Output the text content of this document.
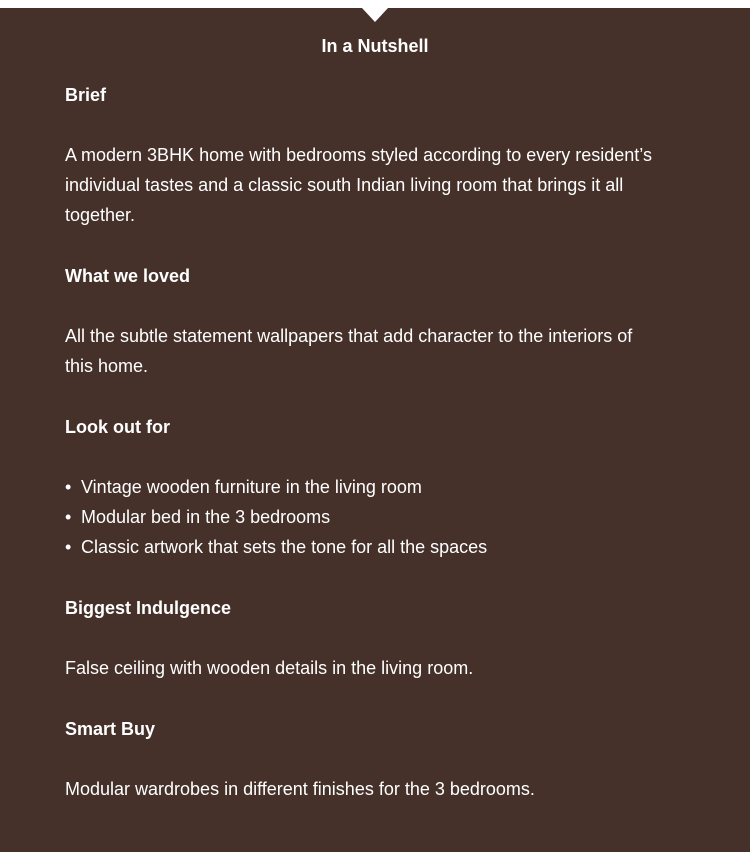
In a Nutshell

Brief

A modern 3BHK home with bedrooms styled according to every resident’s individual tastes and a classic south Indian living room that brings it all together.

What we loved

All the subtle statement wallpapers that add character to the interiors of this home.

Look out for

• Vintage wooden furniture in the living room
• Modular bed in the 3 bedrooms
• Classic artwork that sets the tone for all the spaces

Biggest Indulgence

False ceiling with wooden details in the living room.

Smart Buy

Modular wardrobes in different finishes for the 3 bedrooms.
